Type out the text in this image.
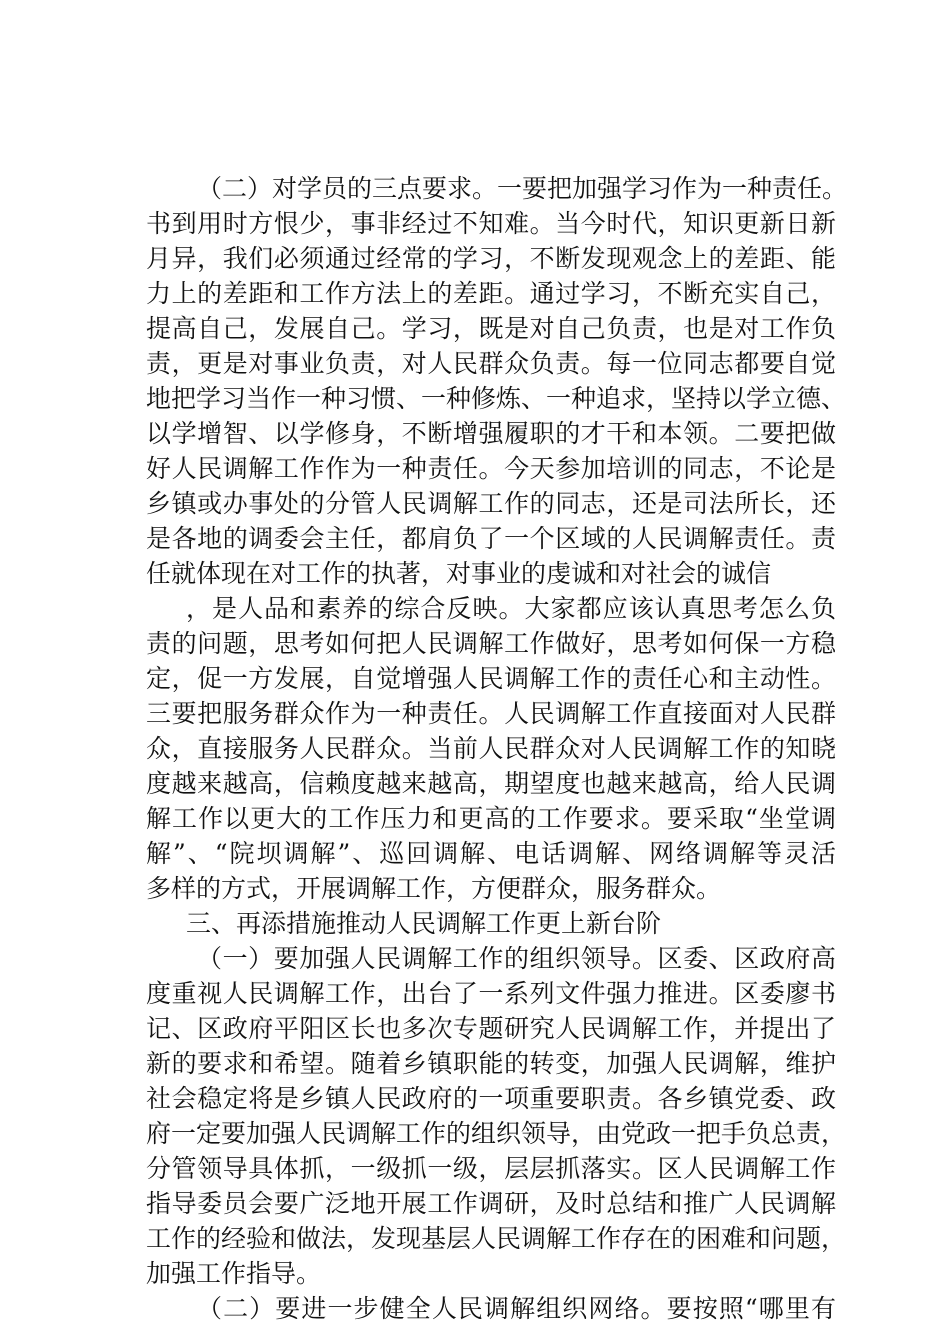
（二）对学员的三点要求。一要把加强学习作为一种责任。
书到用时方恨少，事非经过不知难。当今时代，知识更新日新
月异，我们必须通过经常的学习，不断发现观念上的差距、能
力上的差距和工作方法上的差距。通过学习，不断充实自己，
提高自己，发展自己。学习，既是对自己负责，也是对工作负
责，更是对事业负责，对人民群众负责。每一位同志都要自觉
地把学习当作一种习惯、一种修炼、一种追求，坚持以学立德、
以学增智、以学修身，不断增强履职的才干和本领。二要把做
好人民调解工作作为一种责任。今天参加培训的同志，不论是
乡镇或办事处的分管人民调解工作的同志，还是司法所长，还
是各地的调委会主任，都肩负了一个区域的人民调解责任。责
任就体现在对工作的执著，对事业的虔诚和对社会的诚信
，是人品和素养的综合反映。大家都应该认真思考怎么负
责的问题，思考如何把人民调解工作做好，思考如何保一方稳
定，促一方发展，自觉增强人民调解工作的责任心和主动性。
三要把服务群众作为一种责任。人民调解工作直接面对人民群
众，直接服务人民群众。当前人民群众对人民调解工作的知晓
度越来越高，信赖度越来越高，期望度也越来越高，给人民调
解工作以更大的工作压力和更高的工作要求。要采取“坐堂调
解”、“院坝调解”、巡回调解、电话调解、网络调解等灵活
多样的方式，开展调解工作，方便群众，服务群众。
三、再添措施推动人民调解工作更上新台阶
（一）要加强人民调解工作的组织领导。区委、区政府高
度重视人民调解工作，出台了一系列文件强力推进。区委廖书
记、区政府平阳区长也多次专题研究人民调解工作，并提出了
新的要求和希望。随着乡镇职能的转变，加强人民调解，维护
社会稳定将是乡镇人民政府的一项重要职责。各乡镇党委、政
府一定要加强人民调解工作的组织领导，由党政一把手负总责，
分管领导具体抓，一级抓一级，层层抓落实。区人民调解工作
指导委员会要广泛地开展工作调研，及时总结和推广人民调解
工作的经验和做法，发现基层人民调解工作存在的困难和问题，
加强工作指导。
（二）要进一步健全人民调解组织网络。要按照“哪里有
